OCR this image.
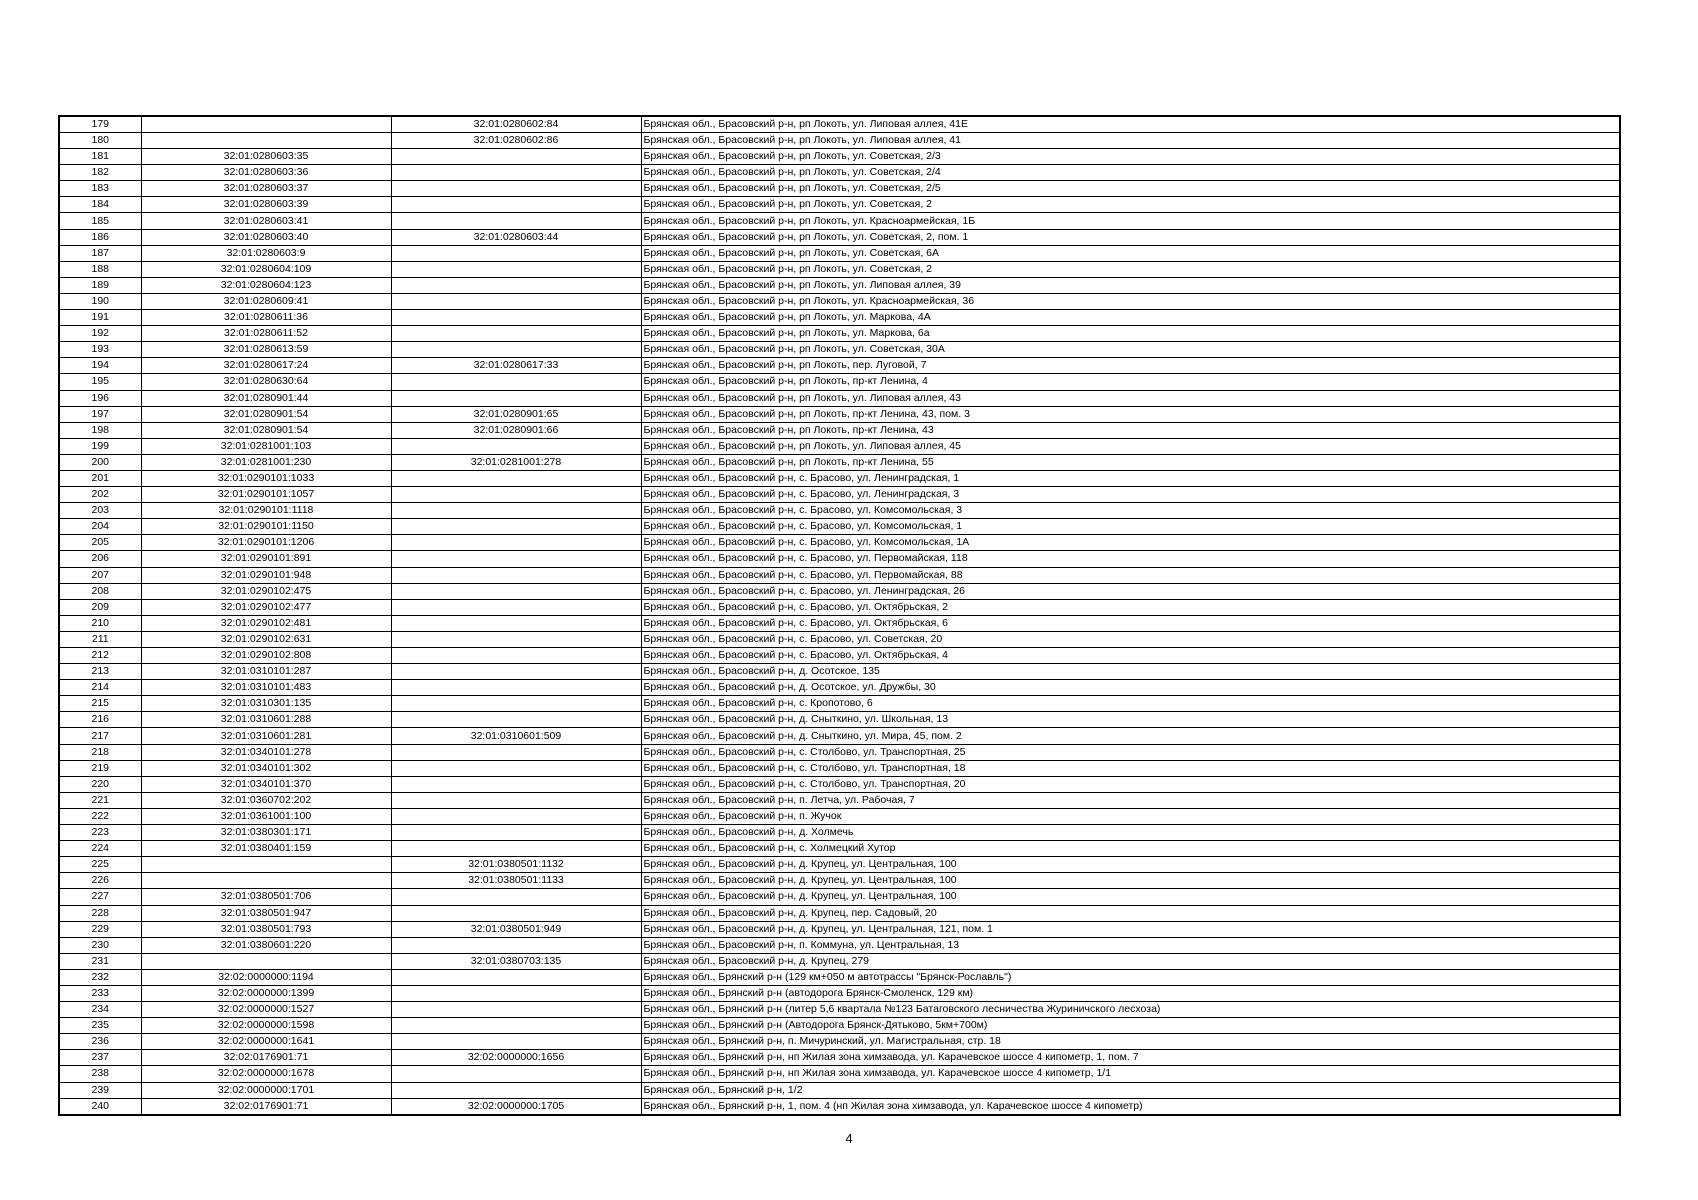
179		32:01:0280602:84	Брянская обл., Брасовский р-н, рп Локоть, ул. Липовая аллея, 41Е
180		32:01:0280602:86	Брянская обл., Брасовский р-н, рп Локоть, ул. Липовая аллея, 41
181	32:01:0280603:35		Брянская обл., Брасовский р-н, рп Локоть, ул. Советская, 2/3
182	32:01:0280603:36		Брянская обл., Брасовский р-н, рп Локоть, ул. Советская, 2/4
183	32:01:0280603:37		Брянская обл., Брасовский р-н, рп Локоть, ул. Советская, 2/5
184	32:01:0280603:39		Брянская обл., Брасовский р-н, рп Локоть, ул. Советская, 2
185	32:01:0280603:41		Брянская обл., Брасовский р-н, рп Локоть, ул. Красноармейская, 1Б
186	32:01:0280603:40	32:01:0280603:44	Брянская обл., Брасовский р-н, рп Локоть, ул. Советская, 2, пом. 1
187	32:01:0280603:9		Брянская обл., Брасовский р-н, рп Локоть, ул. Советская, 6А
188	32:01:0280604:109		Брянская обл., Брасовский р-н, рп Локоть, ул. Советская, 2
189	32:01:0280604:123		Брянская обл., Брасовский р-н, рп Локоть, ул. Липовая аллея, 39
190	32:01:0280609:41		Брянская обл., Брасовский р-н, рп Локоть, ул. Красноармейская, 36
191	32:01:0280611:36		Брянская обл., Брасовский р-н, рп Локоть, ул. Маркова, 4А
192	32:01:0280611:52		Брянская обл., Брасовский р-н, рп Локоть, ул. Маркова, 6а
193	32:01:0280613:59		Брянская обл., Брасовский р-н, рп Локоть, ул. Советская, 30А
194	32:01:0280617:24	32:01:0280617:33	Брянская обл., Брасовский р-н, рп Локоть, пер. Луговой, 7
195	32:01:0280630:64		Брянская обл., Брасовский р-н, рп Локоть, пр-кт Ленина, 4
196	32:01:0280901:44		Брянская обл., Брасовский р-н, рп Локоть, ул. Липовая аллея, 43
197	32:01:0280901:54	32:01:0280901:65	Брянская обл., Брасовский р-н, рп Локоть, пр-кт Ленина, 43, пом. 3
198	32:01:0280901:54	32:01:0280901:66	Брянская обл., Брасовский р-н, рп Локоть, пр-кт Ленина, 43
199	32:01:0281001:103		Брянская обл., Брасовский р-н, рп Локоть, ул. Липовая аллея, 45
200	32:01:0281001:230	32:01:0281001:278	Брянская обл., Брасовский р-н, рп Локоть, пр-кт Ленина, 55
201	32:01:0290101:1033		Брянская обл., Брасовский р-н, с. Брасово, ул. Ленинградская, 1
202	32:01:0290101:1057		Брянская обл., Брасовский р-н, с. Брасово, ул. Ленинградская, 3
203	32:01:0290101:1118		Брянская обл., Брасовский р-н, с. Брасово, ул. Комсомольская, 3
204	32:01:0290101:1150		Брянская обл., Брасовский р-н, с. Брасово, ул. Комсомольская, 1
205	32:01:0290101:1206		Брянская обл., Брасовский р-н, с. Брасово, ул. Комсомольская, 1А
206	32:01:0290101:891		Брянская обл., Брасовский р-н, с. Брасово, ул. Первомайская, 118
207	32:01:0290101:948		Брянская обл., Брасовский р-н, с. Брасово, ул. Первомайская, 88
208	32:01:0290102:475		Брянская обл., Брасовский р-н, с. Брасово, ул. Ленинградская, 26
209	32:01:0290102:477		Брянская обл., Брасовский р-н, с. Брасово, ул. Октябрьская, 2
210	32:01:0290102:481		Брянская обл., Брасовский р-н, с. Брасово, ул. Октябрьская, 6
211	32:01:0290102:631		Брянская обл., Брасовский р-н, с. Брасово, ул. Советская, 20
212	32:01:0290102:808		Брянская обл., Брасовский р-н, с. Брасово, ул. Октябрьская, 4
213	32:01:0310101:287		Брянская обл., Брасовский р-н, д. Осотское, 135
214	32:01:0310101:483		Брянская обл., Брасовский р-н, д. Осотское, ул. Дружбы, 30
215	32:01:0310301:135		Брянская обл., Брасовский р-н, с. Кропотово, 6
216	32:01:0310601:288		Брянская обл., Брасовский р-н, д. Сныткино, ул. Школьная, 13
217	32:01:0310601:281	32:01:0310601:509	Брянская обл., Брасовский р-н, д. Сныткино, ул. Мира, 45, пом. 2
218	32:01:0340101:278		Брянская обл., Брасовский р-н, с. Столбово, ул. Транспортная, 25
219	32:01:0340101:302		Брянская обл., Брасовский р-н, с. Столбово, ул. Транспортная, 18
220	32:01:0340101:370		Брянская обл., Брасовский р-н, с. Столбово, ул. Транспортная, 20
221	32:01:0360702:202		Брянская обл., Брасовский р-н, п. Летча, ул. Рабочая, 7
222	32:01:0361001:100		Брянская обл., Брасовский р-н, п. Жучок
223	32:01:0380301:171		Брянская обл., Брасовский р-н, д. Холмечь
224	32:01:0380401:159		Брянская обл., Брасовский р-н, с. Холмецкий Хутор
225		32:01:0380501:1132	Брянская обл., Брасовский р-н, д. Крупец, ул. Центральная, 100
226		32:01:0380501:1133	Брянская обл., Брасовский р-н, д. Крупец, ул. Центральная, 100
227	32:01:0380501:706		Брянская обл., Брасовский р-н, д. Крупец, ул. Центральная, 100
228	32:01:0380501:947		Брянская обл., Брасовский р-н, д. Крупец, пер. Садовый, 20
229	32:01:0380501:793	32:01:0380501:949	Брянская обл., Брасовский р-н, д. Крупец, ул. Центральная, 121, пом. 1
230	32:01:0380601:220		Брянская обл., Брасовский р-н, п. Коммуна, ул. Центральная, 13
231		32:01:0380703:135	Брянская обл., Брасовский р-н, д. Крупец, 279
232	32:02:0000000:1194		Брянская обл., Брянский р-н (129 км+050 м автотрассы "Брянск-Рославль")
233	32:02:0000000:1399		Брянская обл., Брянский р-н (автодорога Брянск-Смоленск, 129 км)
234	32:02:0000000:1527		Брянская обл., Брянский р-н (литер 5,6 квартала №123 Батаговского лесничества Журиничского лесхоза)
235	32:02:0000000:1598		Брянская обл., Брянский р-н (Автодорога Брянск-Дятьково, 5км+700м)
236	32:02:0000000:1641		Брянская обл., Брянский р-н, п. Мичуринский, ул. Магистральная, стр. 18
237	32:02:0176901:71	32:02:0000000:1656	Брянская обл., Брянский р-н, нп Жилая зона химзавода, ул. Карачевское шоссе 4 кипометр, 1, пом. 7
238	32:02:0000000:1678		Брянская обл., Брянский р-н, нп Жилая зона химзавода, ул. Карачевское шоссе 4 кипометр, 1/1
239	32:02:0000000:1701		Брянская обл., Брянский р-н, 1/2
240	32:02:0176901:71	32:02:0000000:1705	Брянская обл., Брянский р-н, 1, пом. 4 (нп Жилая зона химзавода, ул. Карачевское шоссе 4 кипометр)
4
